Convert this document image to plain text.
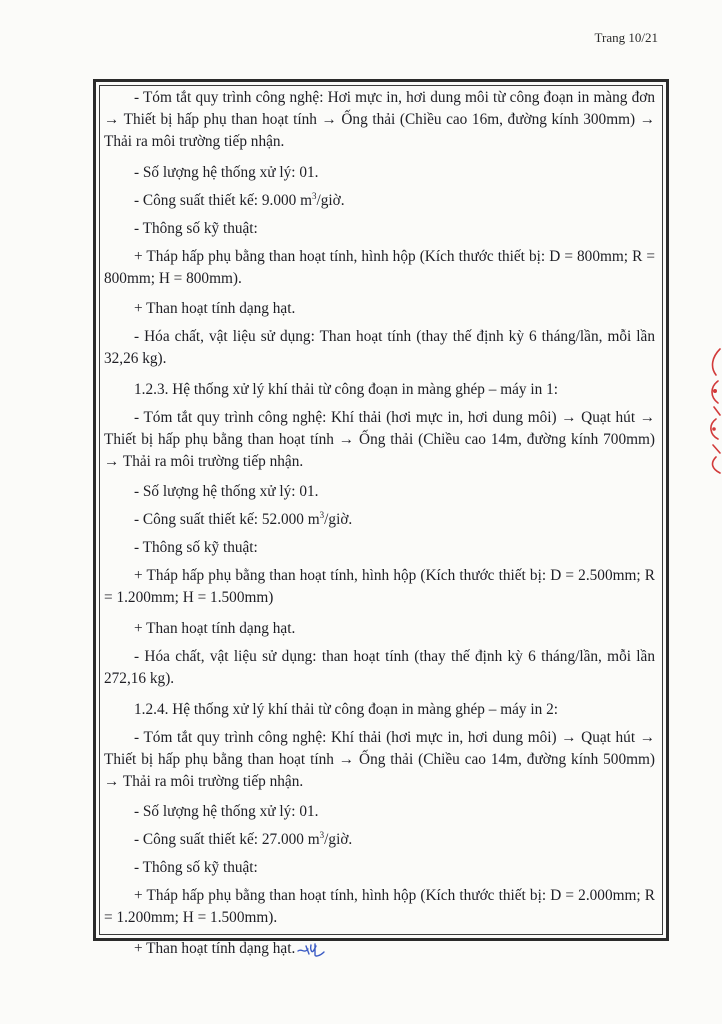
Trang 10/21

- Tóm tắt quy trình công nghệ: Hơi mực in, hơi dung môi từ công đoạn in màng đơn → Thiết bị hấp phụ than hoạt tính → Ống thải (Chiều cao 16m, đường kính 300mm) → Thải ra môi trường tiếp nhận.

- Số lượng hệ thống xử lý: 01.

- Công suất thiết kế: 9.000 $m^3$/giờ.

- Thông số kỹ thuật:

+ Tháp hấp phụ bằng than hoạt tính, hình hộp (Kích thước thiết bị: D = 800mm; R = 800mm; H = 800mm).

+ Than hoạt tính dạng hạt.

- Hóa chất, vật liệu sử dụng: Than hoạt tính (thay thế định kỳ 6 tháng/lần, mỗi lần 32,26 kg).

1.2.3. Hệ thống xử lý khí thải từ công đoạn in màng ghép – máy in 1:

- Tóm tắt quy trình công nghệ: Khí thải (hơi mực in, hơi dung môi) → Quạt hút → Thiết bị hấp phụ bằng than hoạt tính → Ống thải (Chiều cao 14m, đường kính 700mm) → Thải ra môi trường tiếp nhận.

- Số lượng hệ thống xử lý: 01.

- Công suất thiết kế: 52.000 $m^3$/giờ.

- Thông số kỹ thuật:

+ Tháp hấp phụ bằng than hoạt tính, hình hộp (Kích thước thiết bị: D = 2.500mm; R = 1.200mm; H = 1.500mm)

+ Than hoạt tính dạng hạt.

- Hóa chất, vật liệu sử dụng: than hoạt tính (thay thế định kỳ 6 tháng/lần, mỗi lần 272,16 kg).

1.2.4. Hệ thống xử lý khí thải từ công đoạn in màng ghép – máy in 2:

- Tóm tắt quy trình công nghệ: Khí thải (hơi mực in, hơi dung môi) → Quạt hút → Thiết bị hấp phụ bằng than hoạt tính → Ống thải (Chiều cao 14m, đường kính 500mm) → Thải ra môi trường tiếp nhận.

- Số lượng hệ thống xử lý: 01.

- Công suất thiết kế: 27.000 $m^3$/giờ.

- Thông số kỹ thuật:

+ Tháp hấp phụ bằng than hoạt tính, hình hộp (Kích thước thiết bị: D = 2.000mm; R = 1.200mm; H = 1.500mm).

+ Than hoạt tính dạng hạt.
